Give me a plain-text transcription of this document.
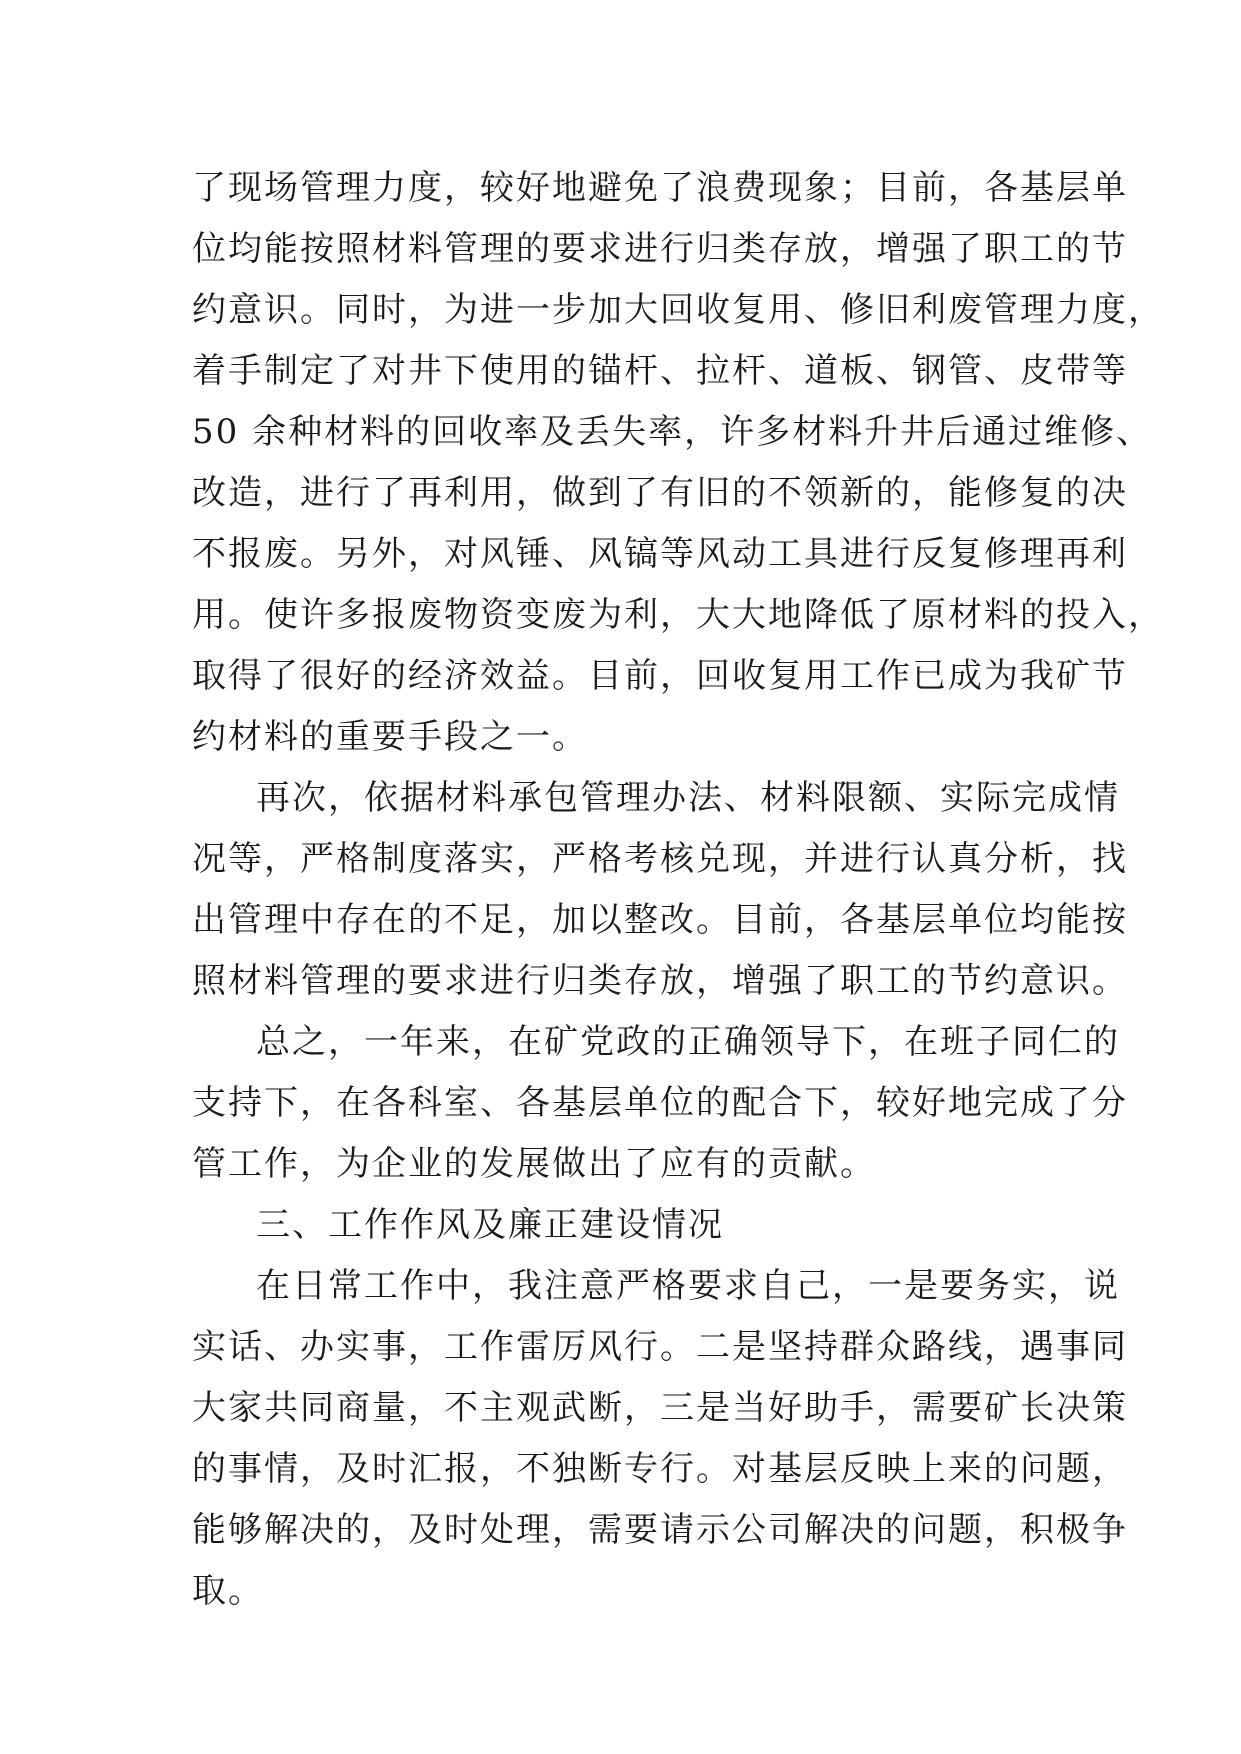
了现场管理力度，较好地避免了浪费现象；目前，各基层单
位均能按照材料管理的要求进行归类存放，增强了职工的节
约意识。同时，为进一步加大回收复用、修旧利废管理力度，
着手制定了对井下使用的锚杆、拉杆、道板、钢管、皮带等
50 余种材料的回收率及丢失率，许多材料升井后通过维修、
改造，进行了再利用，做到了有旧的不领新的，能修复的决
不报废。另外，对风锤、风镐等风动工具进行反复修理再利
用。使许多报废物资变废为利，大大地降低了原材料的投入，
取得了很好的经济效益。目前，回收复用工作已成为我矿节
约材料的重要手段之一。
再次，依据材料承包管理办法、材料限额、实际完成情
况等，严格制度落实，严格考核兑现，并进行认真分析，找
出管理中存在的不足，加以整改。目前，各基层单位均能按
照材料管理的要求进行归类存放，增强了职工的节约意识。
总之，一年来，在矿党政的正确领导下，在班子同仁的
支持下，在各科室、各基层单位的配合下，较好地完成了分
管工作，为企业的发展做出了应有的贡献。
三、工作作风及廉正建设情况
在日常工作中，我注意严格要求自己，一是要务实，说
实话、办实事，工作雷厉风行。二是坚持群众路线，遇事同
大家共同商量，不主观武断，三是当好助手，需要矿长决策
的事情，及时汇报，不独断专行。对基层反映上来的问题，
能够解决的，及时处理，需要请示公司解决的问题，积极争
取。
